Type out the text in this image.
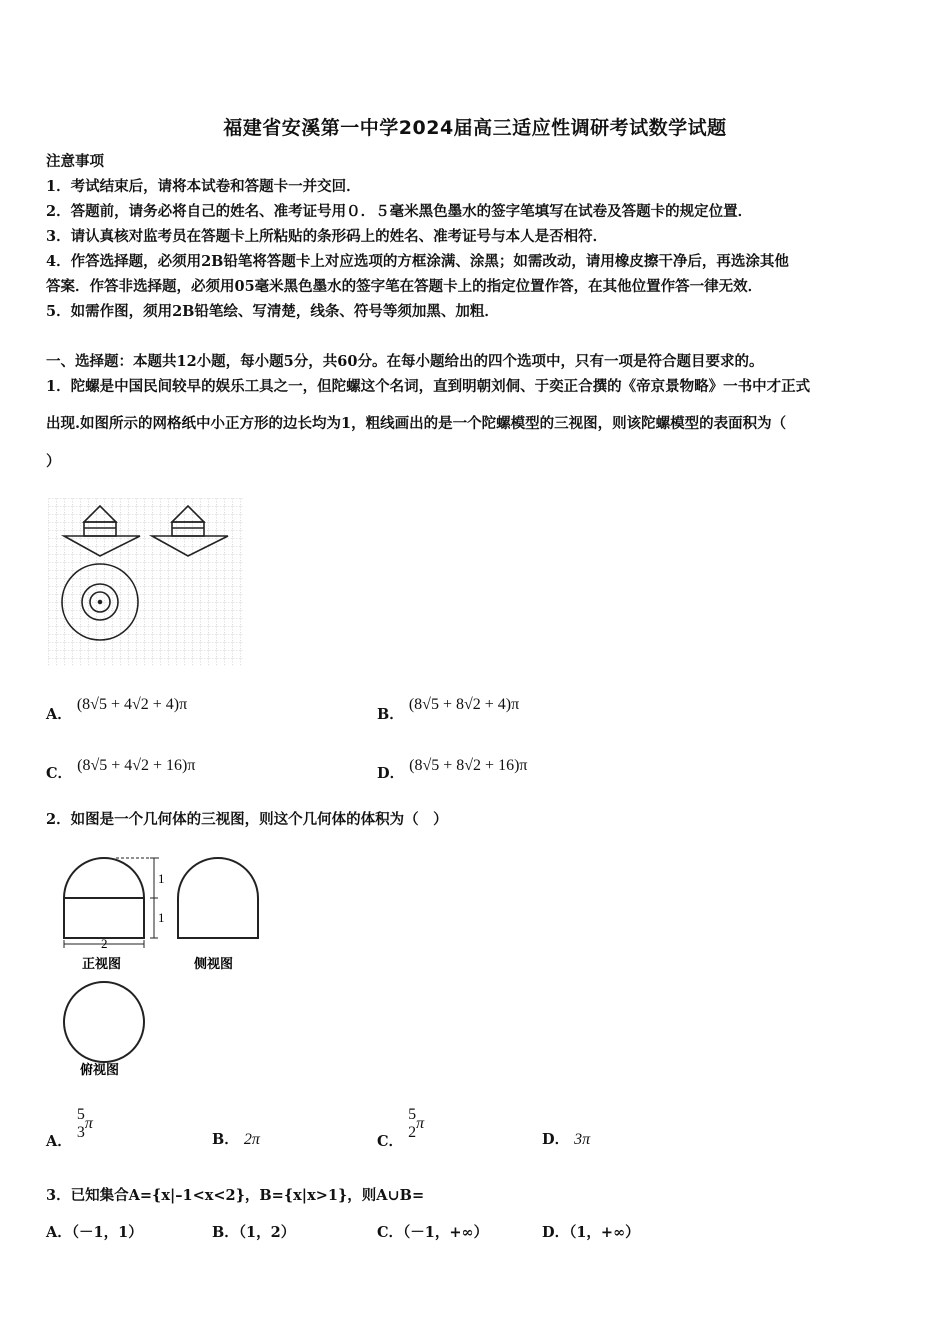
福建省安溪第一中学2024届高三适应性调研考试数学试题
注意事项
1．考试结束后，请将本试卷和答题卡一并交回．
2．答题前，请务必将自己的姓名、准考证号用０．５毫米黑色墨水的签字笔填写在试卷及答题卡的规定位置．
3．请认真核对监考员在答题卡上所粘贴的条形码上的姓名、准考证号与本人是否相符．
4．作答选择题，必须用2B铅笔将答题卡上对应选项的方框涂满、涂黑；如需改动，请用橡皮擦干净后，再选涂其他
答案．作答非选择题，必须用05毫米黑色墨水的签字笔在答题卡上的指定位置作答，在其他位置作答一律无效．
5．如需作图，须用2B铅笔绘、写清楚，线条、符号等须加黑、加粗．
一、选择题：本题共12小题，每小题5分，共60分。在每小题给出的四个选项中，只有一项是符合题目要求的。
1．陀螺是中国民间较早的娱乐工具之一，但陀螺这个名词，直到明朝刘侗、于奕正合撰的《帝京景物略》一书中才正式
出现.如图所示的网格纸中小正方形的边长均为1，粗线画出的是一个陀螺模型的三视图，则该陀螺模型的表面积为（
）
A． (8√5 + 4√2 + 4)π
B． (8√5 + 8√2 + 4)π
C． (8√5 + 4√2 + 16)π	D． (8√5 + 8√2 + 16)π
2．如图是一个几何体的三视图，则这个几何体的体积为（　）
1
1
2
正视图	侧视图
俯视图
A．
5
3
π
B． 2π	C．
5
2
π
D． 3π
3．已知集合A={x|–1<x<2}，B={x|x>1}，则A∪B=
A．（－1，1）	B．（1，2）	C．（－1，+∞）	D．（1，+∞）
